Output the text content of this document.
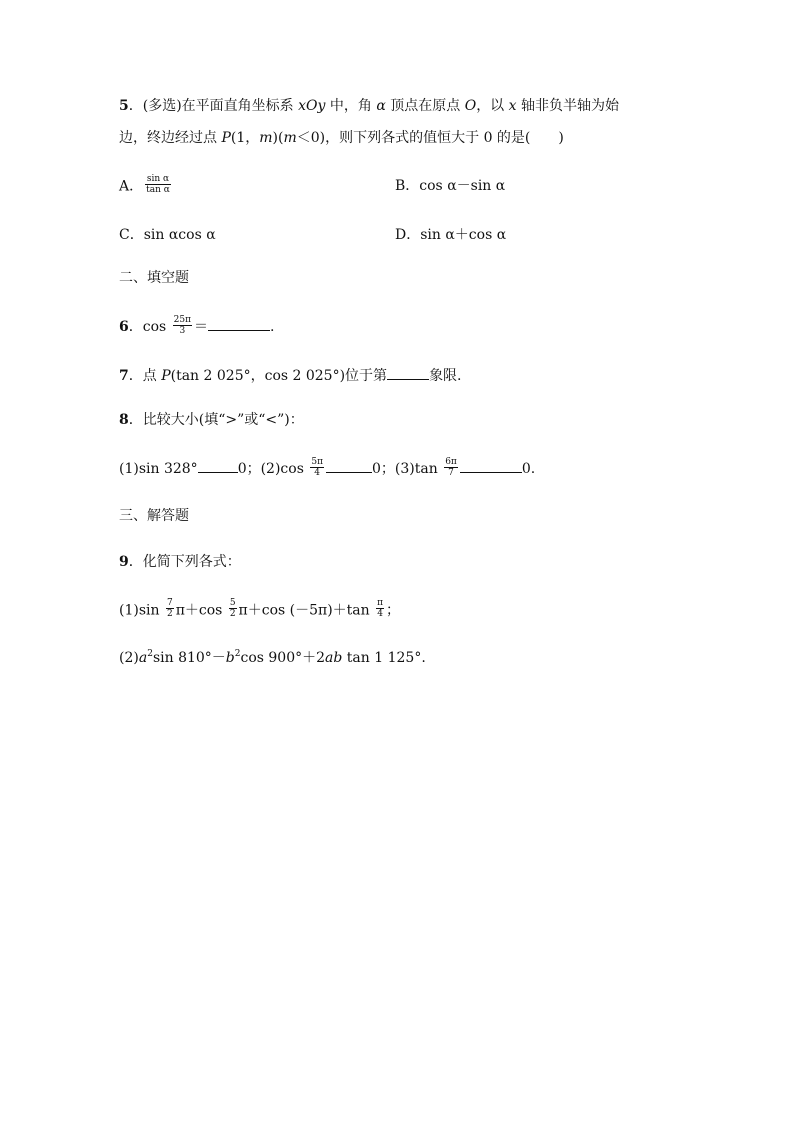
5．(多选)在平面直角坐标系 xOy 中，角 α 顶点在原点 O，以 x 轴非负半轴为始
边，终边经过点 P(1，m)(m＜0)，则下列各式的值恒大于 0 的是(　　)
A． $\frac{\text{sin α}}{\text{tan α}}$	B．cos α－sin α
C．sin αcos α	D．sin α＋cos α
二、填空题
6．$\cos \frac{25\pi}{3}$ ＝	.
7．点 P(tan 2 025°，cos 2 025°)位于第	象限.
8．比较大小(填“>”或“<”)：
(1)sin 328°	0；$(2)\cos \frac{5\pi}{4}$	0；$(3)\tan \frac{6\pi}{7}$	0.
三、解答题
9．化简下列各式：
$(1)\sin \frac{7}{2} \pi+\cos \frac{5}{2} \pi+\cos$ $(-5\pi)+\tan \frac{\pi}{4}$ ；
$(2)a^2\sin$ $810^\circ-b^2\cos$ 900°＋2ab tan 1 125°.
